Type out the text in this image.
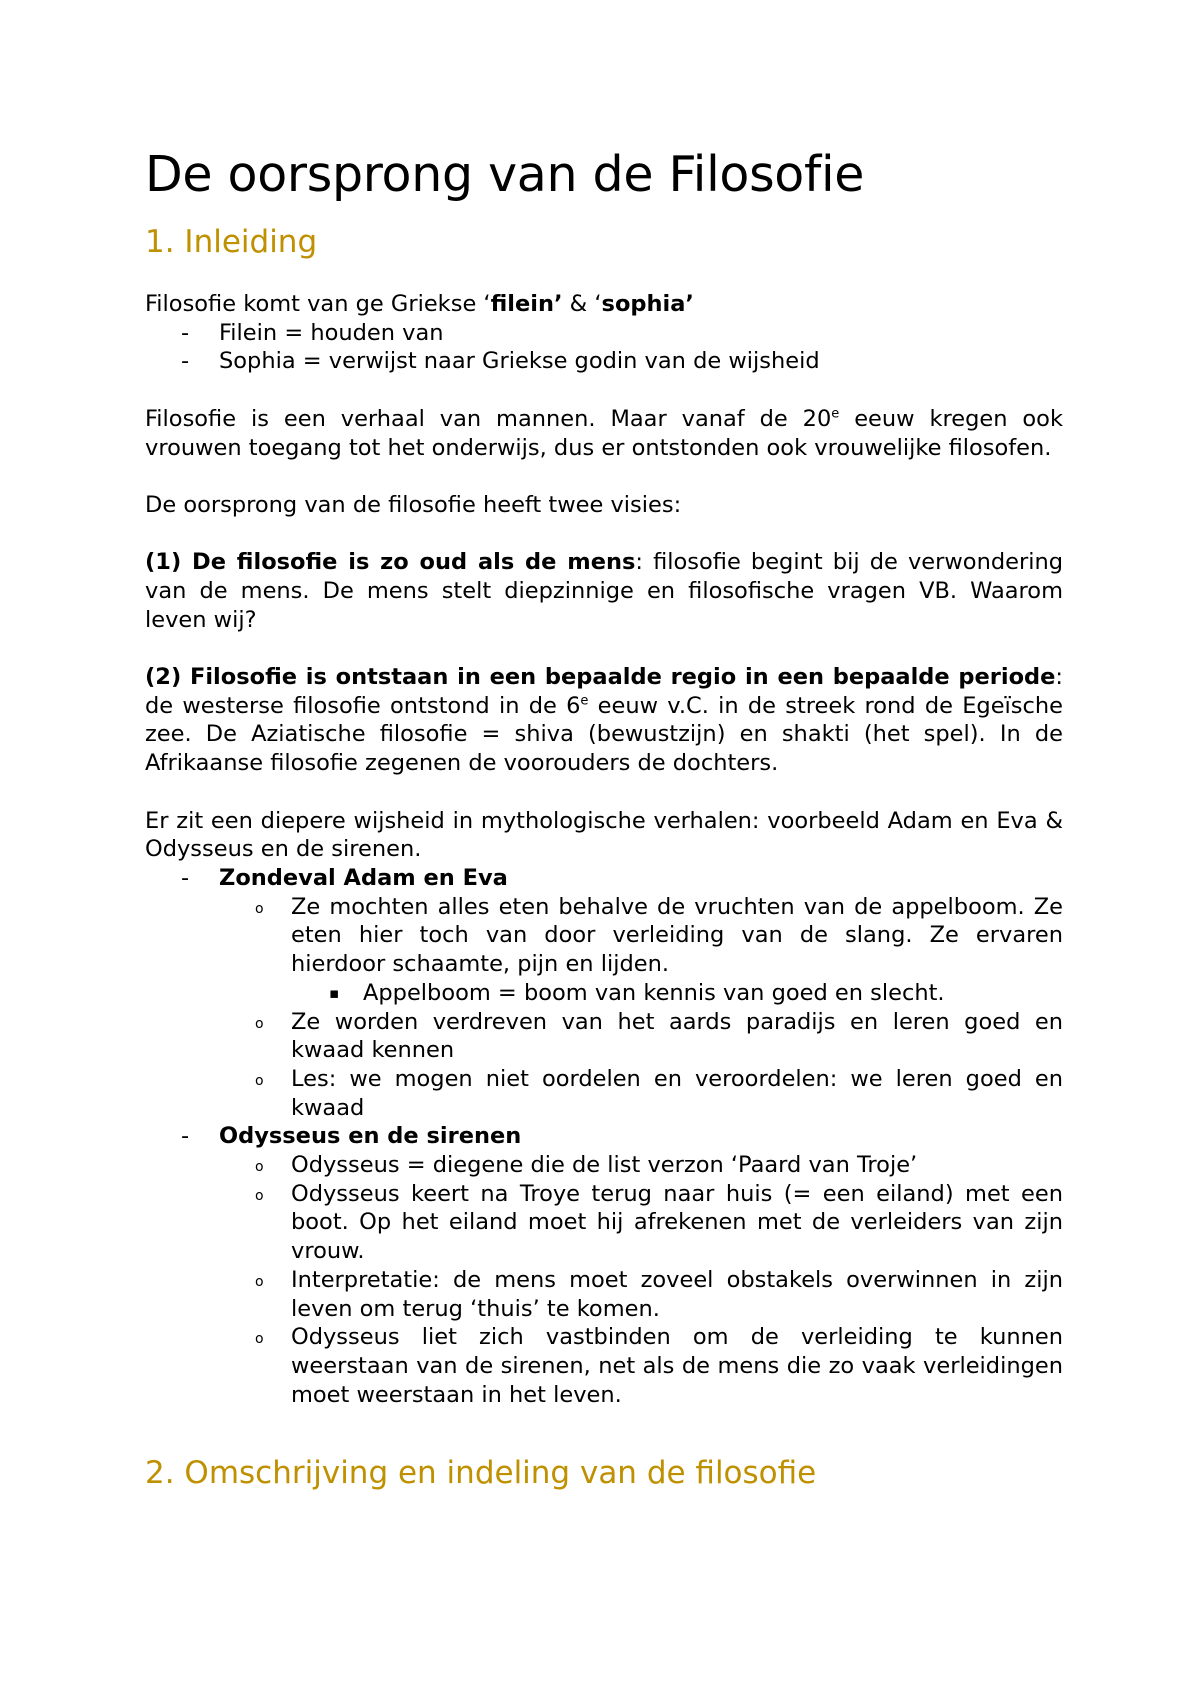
De oorsprong van de Filosofie
1. Inleiding

Filosofie komt van ge Griekse ‘filein’ & ‘sophia’

- Filein = houden van
- Sophia = verwijst naar Griekse godin van de wijsheid

Filosofie is een verhaal van mannen. Maar vanaf de 20e eeuw kregen ook vrouwen toegang tot het onderwijs, dus er ontstonden ook vrouwelijke filosofen.

De oorsprong van de filosofie heeft twee visies:

(1) De filosofie is zo oud als de mens: filosofie begint bij de verwondering van de mens. De mens stelt diepzinnige en filosofische vragen VB. Waarom leven wij?

(2) Filosofie is ontstaan in een bepaalde regio in een bepaalde periode: de westerse filosofie ontstond in de 6e eeuw v.C. in de streek rond de Egeïsche zee. De Aziatische filosofie = shiva (bewustzijn) en shakti (het spel). In de Afrikaanse filosofie zegenen de voorouders de dochters.

Er zit een diepere wijsheid in mythologische verhalen: voorbeeld Adam en Eva & Odysseus en de sirenen.

- Zondeval Adam en Eva
o Ze mochten alles eten behalve de vruchten van de appelboom. Ze eten hier toch van door verleiding van de slang. Ze ervaren hierdoor schaamte, pijn en lijden.
▪ Appelboom = boom van kennis van goed en slecht.
o Ze worden verdreven van het aards paradijs en leren goed en kwaad kennen
o Les: we mogen niet oordelen en veroordelen: we leren goed en kwaad
- Odysseus en de sirenen
o Odysseus = diegene die de list verzon ‘Paard van Troje’
o Odysseus keert na Troye terug naar huis (= een eiland) met een boot. Op het eiland moet hij afrekenen met de verleiders van zijn vrouw.
o Interpretatie: de mens moet zoveel obstakels overwinnen in zijn leven om terug ‘thuis’ te komen.
o Odysseus liet zich vastbinden om de verleiding te kunnen weerstaan van de sirenen, net als de mens die zo vaak verleidingen moet weerstaan in het leven.
2. Omschrijving en indeling van de filosofie
